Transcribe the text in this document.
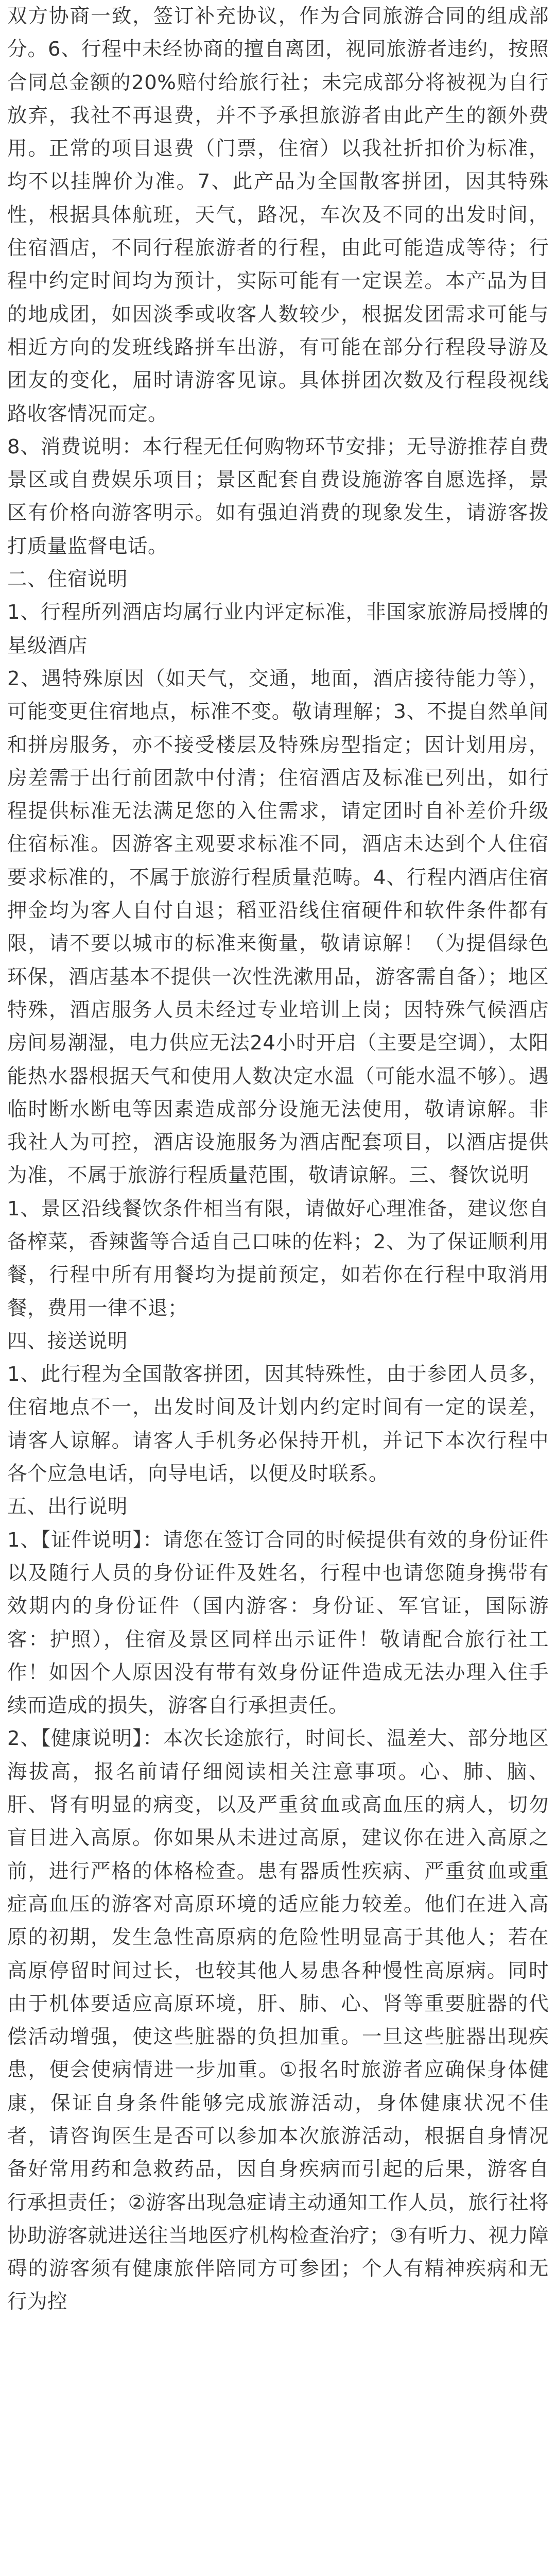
双方协商一致，签订补充协议，作为合同旅游合同的组成部分。6、行程中未经协商的擅自离团，视同旅游者违约，按照合同总金额的20%赔付给旅行社；未完成部分将被视为自行放弃，我社不再退费，并不予承担旅游者由此产生的额外费用。正常的项目退费（门票，住宿）以我社折扣价为标准，均不以挂牌价为准。7、此产品为全国散客拼团，因其特殊性，根据具体航班，天气，路况，车次及不同的出发时间，住宿酒店，不同行程旅游者的行程，由此可能造成等待；行程中约定时间均为预计，实际可能有一定误差。本产品为目的地成团，如因淡季或收客人数较少，根据发团需求可能与相近方向的发班线路拼车出游，有可能在部分行程段导游及团友的变化，届时请游客见谅。具体拼团次数及行程段视线路收客情况而定。

8、消费说明：本行程无任何购物环节安排；无导游推荐自费景区或自费娱乐项目；景区配套自费设施游客自愿选择，景区有价格向游客明示。如有强迫消费的现象发生，请游客拨打质量监督电话。

二、住宿说明

1、行程所列酒店均属行业内评定标准，非国家旅游局授牌的星级酒店

2、遇特殊原因（如天气，交通，地面，酒店接待能力等），可能变更住宿地点，标准不变。敬请理解；3、不提自然单间和拼房服务，亦不接受楼层及特殊房型指定；因计划用房，房差需于出行前团款中付清；住宿酒店及标准已列出，如行程提供标准无法满足您的入住需求，请定团时自补差价升级住宿标准。因游客主观要求标准不同，酒店未达到个人住宿要求标准的，不属于旅游行程质量范畴。4、行程内酒店住宿押金均为客人自付自退；稻亚沿线住宿硬件和软件条件都有限，请不要以城市的标准来衡量，敬请谅解！（为提倡绿色环保，酒店基本不提供一次性洗漱用品，游客需自备）；地区特殊，酒店服务人员未经过专业培训上岗；因特殊气候酒店房间易潮湿，电力供应无法24小时开启（主要是空调），太阳能热水器根据天气和使用人数决定水温（可能水温不够）。遇临时断水断电等因素造成部分设施无法使用，敬请谅解。非我社人为可控，酒店设施服务为酒店配套项目，以酒店提供为准，不属于旅游行程质量范围，敬请谅解。三、餐饮说明

1、景区沿线餐饮条件相当有限，请做好心理准备，建议您自备榨菜，香辣酱等合适自己口味的佐料；2、为了保证顺利用餐，行程中所有用餐均为提前预定，如若你在行程中取消用餐，费用一律不退；

四、接送说明

1、此行程为全国散客拼团，因其特殊性，由于参团人员多，住宿地点不一，出发时间及计划内约定时间有一定的误差，请客人谅解。请客人手机务必保持开机，并记下本次行程中各个应急电话，向导电话，以便及时联系。

五、出行说明

1、【证件说明】：请您在签订合同的时候提供有效的身份证件以及随行人员的身份证件及姓名，行程中也请您随身携带有效期内的身份证件（国内游客：身份证、军官证，国际游客：护照），住宿及景区同样出示证件！敬请配合旅行社工作！如因个人原因没有带有效身份证件造成无法办理入住手续而造成的损失，游客自行承担责任。

2、【健康说明】：本次长途旅行，时间长、温差大、部分地区海拔高，报名前请仔细阅读相关注意事项。心、肺、脑、肝、肾有明显的病变，以及严重贫血或高血压的病人，切勿盲目进入高原。你如果从未进过高原，建议你在进入高原之前，进行严格的体格检查。患有器质性疾病、严重贫血或重症高血压的游客对高原环境的适应能力较差。他们在进入高原的初期，发生急性高原病的危险性明显高于其他人；若在高原停留时间过长，也较其他人易患各种慢性高原病。同时由于机体要适应高原环境，肝、肺、心、肾等重要脏器的代偿活动增强，使这些脏器的负担加重。一旦这些脏器出现疾患，便会使病情进一步加重。①报名时旅游者应确保身体健康，保证自身条件能够完成旅游活动，身体健康状况不佳者，请咨询医生是否可以参加本次旅游活动，根据自身情况备好常用药和急救药品，因自身疾病而引起的后果，游客自行承担责任；②游客出现急症请主动通知工作人员，旅行社将协助游客就进送往当地医疗机构检查治疗；③有听力、视力障碍的游客须有健康旅伴陪同方可参团；个人有精神疾病和无行为控
